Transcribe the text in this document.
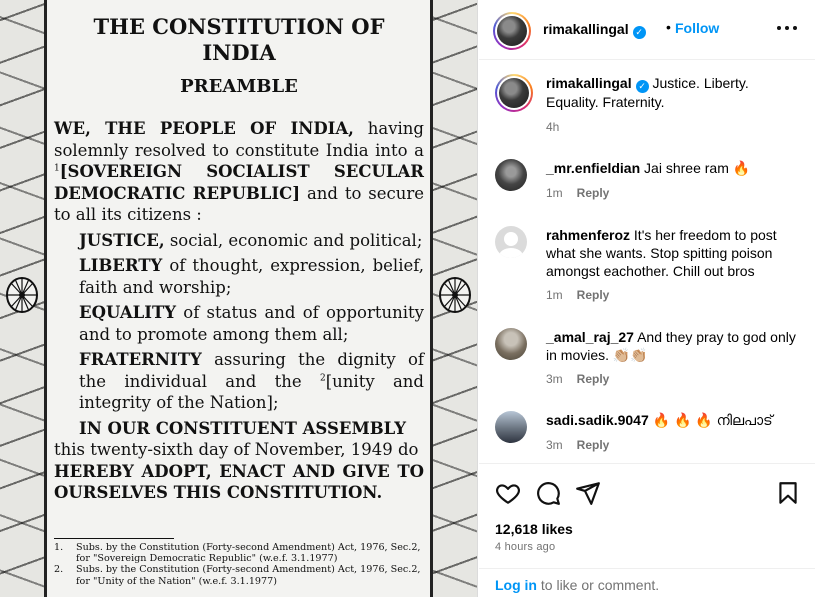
THE CONSTITUTION OF INDIA
PREAMBLE
WE, THE PEOPLE OF INDIA, having solemnly resolved to constitute India into a $^1$[SOVEREIGN SOCIALIST SECULAR DEMOCRATIC REPUBLIC] and to secure to all its citizens :
JUSTICE, social, economic and political;
LIBERTY of thought, expression, belief, faith and worship;
EQUALITY of status and of opportunity and to promote among them all;
FRATERNITY assuring the dignity of the individual and the $^2$[unity and integrity of the Nation];
IN OUR CONSTITUENT ASSEMBLY
this twenty-sixth day of November, 1949 do
HEREBY ADOPT, ENACT AND GIVE TO OURSELVES THIS CONSTITUTION.
1.	Subs. by the Constitution (Forty-second Amendment) Act, 1976, Sec.2,
for "Sovereign Democratic Republic" (w.e.f. 3.1.1977)
2.	Subs. by the Constitution (Forty-second Amendment) Act, 1976, Sec.2,
for "Unity of the Nation" (w.e.f. 3.1.1977)
rimakallingal ✓ • Follow
rimakallingal ✓ Justice. Liberty. Equality. Fraternity.
4h
_mr.enfieldian Jai shree ram 🔥
1m Reply
rahmenferoz It's her freedom to post what she wants. Stop spitting poison amongst eachother. Chill out bros
1m Reply
_amal_raj_27 And they pray to god only in movies. 👏🏼👏🏼
3m Reply
sadi.sadik.9047 🔥 🔥 🔥 നിലപാട്
3m Reply
12,618 likes
4 hours ago
Log in to like or comment.
